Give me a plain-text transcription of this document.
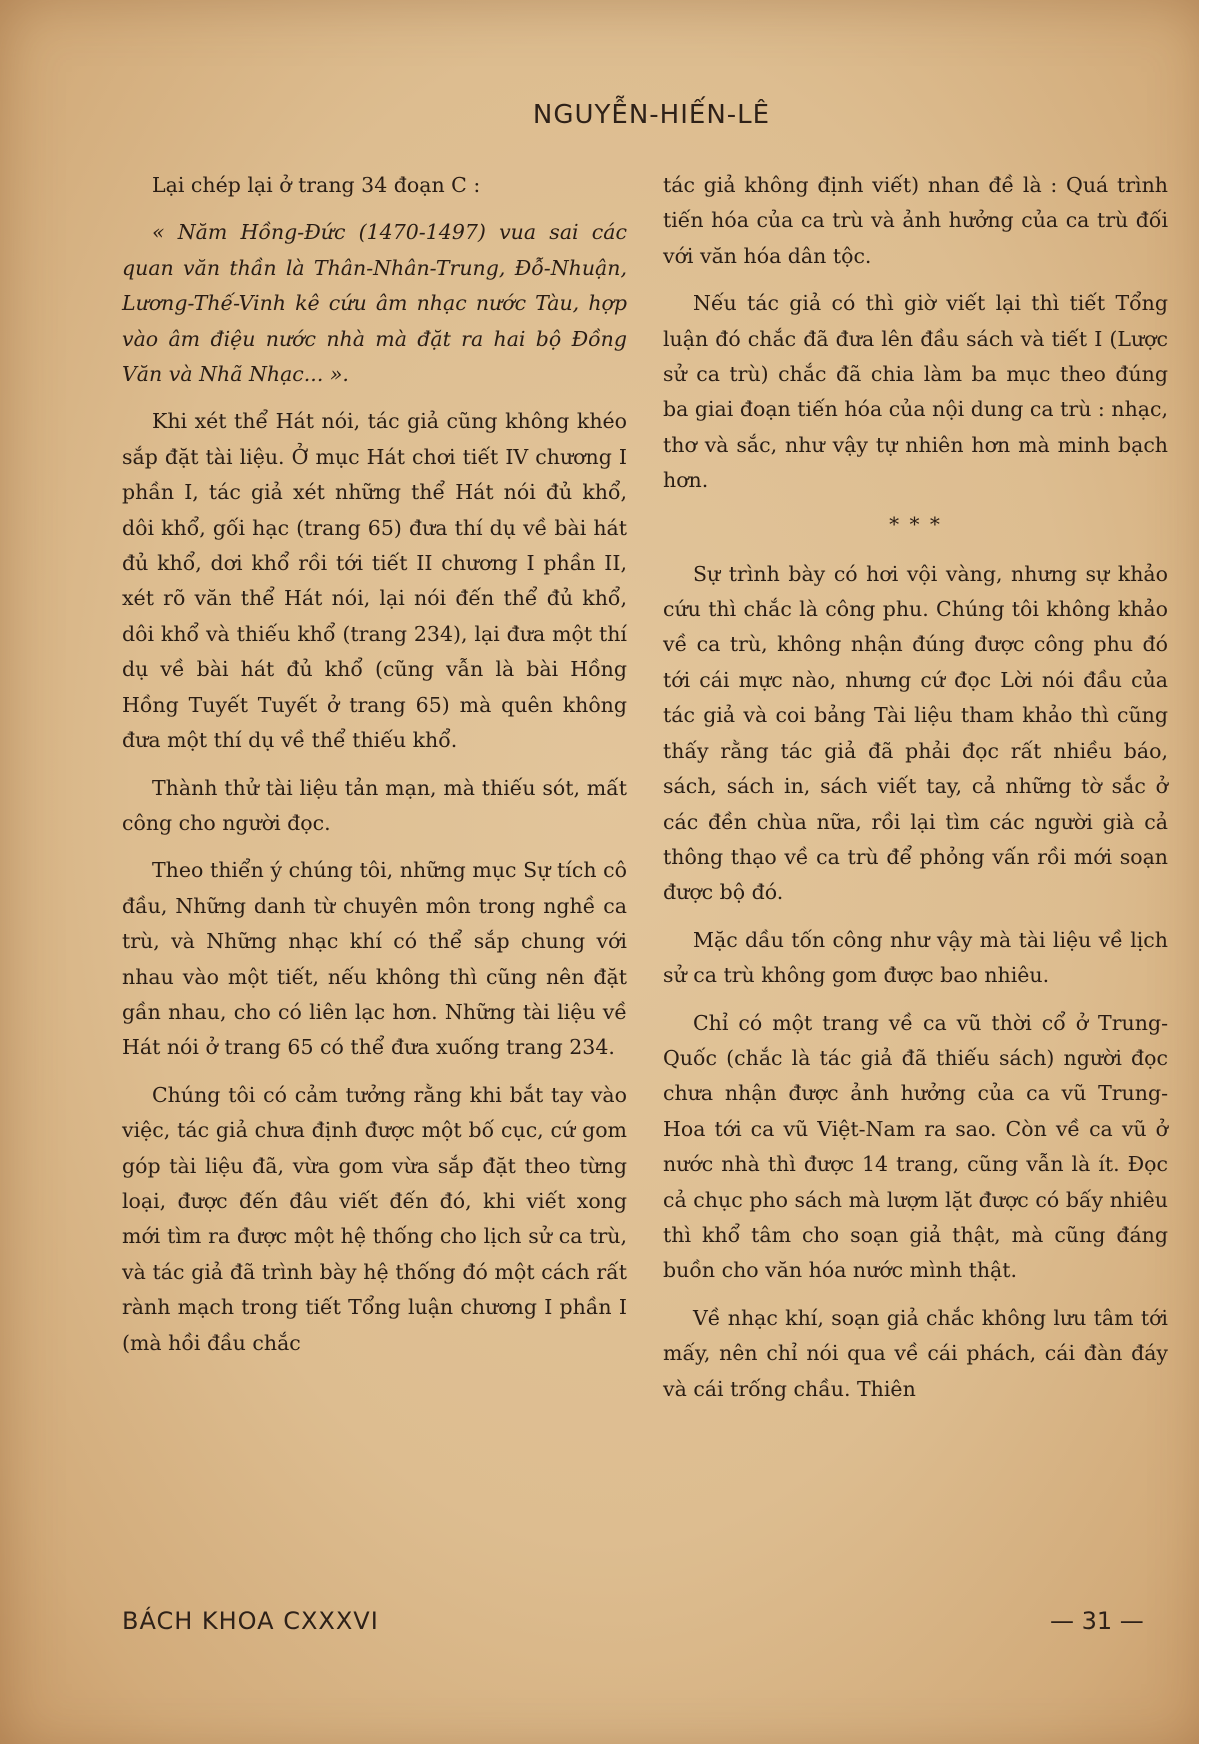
NGUYỄN-HIẾN-LÊ

Lại chép lại ở trang 34 đoạn C :

« Năm Hồng-Đức (1470-1497) vua sai các quan văn thần là Thân-Nhân-Trung, Đỗ-Nhuận, Lương-Thế-Vinh kê cứu âm nhạc nước Tàu, hợp vào âm điệu nước nhà mà đặt ra hai bộ Đồng Văn và Nhã Nhạc... ».

Khi xét thể Hát nói, tác giả cũng không khéo sắp đặt tài liệu. Ở mục Hát chơi tiết IV chương I phần I, tác giả xét những thể Hát nói đủ khổ, dôi khổ, gối hạc (trang 65) đưa thí dụ về bài hát đủ khổ, dơi khổ rồi tới tiết II chương I phần II, xét rõ văn thể Hát nói, lại nói đến thể đủ khổ, dôi khổ và thiếu khổ (trang 234), lại đưa một thí dụ về bài hát đủ khổ (cũng vẫn là bài Hồng Hồng Tuyết Tuyết ở trang 65) mà quên không đưa một thí dụ về thể thiếu khổ.

Thành thử tài liệu tản mạn, mà thiếu sót, mất công cho người đọc.

Theo thiển ý chúng tôi, những mục Sự tích cô đầu, Những danh từ chuyên môn trong nghề ca trù, và Những nhạc khí có thể sắp chung với nhau vào một tiết, nếu không thì cũng nên đặt gần nhau, cho có liên lạc hơn. Những tài liệu về Hát nói ở trang 65 có thể đưa xuống trang 234.

Chúng tôi có cảm tưởng rằng khi bắt tay vào việc, tác giả chưa định được một bố cục, cứ gom góp tài liệu đã, vừa gom vừa sắp đặt theo từng loại, được đến đâu viết đến đó, khi viết xong mới tìm ra được một hệ thống cho lịch sử ca trù, và tác giả đã trình bày hệ thống đó một cách rất rành mạch trong tiết Tổng luận chương I phần I (mà hồi đầu chắc

tác giả không định viết) nhan đề là : Quá trình tiến hóa của ca trù và ảnh hưởng của ca trù đối với văn hóa dân tộc.

Nếu tác giả có thì giờ viết lại thì tiết Tổng luận đó chắc đã đưa lên đầu sách và tiết I (Lược sử ca trù) chắc đã chia làm ba mục theo đúng ba giai đoạn tiến hóa của nội dung ca trù : nhạc, thơ và sắc, như vậy tự nhiên hơn mà minh bạch hơn.

* * *

Sự trình bày có hơi vội vàng, nhưng sự khảo cứu thì chắc là công phu. Chúng tôi không khảo về ca trù, không nhận đúng được công phu đó tới cái mực nào, nhưng cứ đọc Lời nói đầu của tác giả và coi bảng Tài liệu tham khảo thì cũng thấy rằng tác giả đã phải đọc rất nhiều báo, sách, sách in, sách viết tay, cả những tờ sắc ở các đền chùa nữa, rồi lại tìm các người già cả thông thạo về ca trù để phỏng vấn rồi mới soạn được bộ đó.

Mặc dầu tốn công như vậy mà tài liệu về lịch sử ca trù không gom được bao nhiêu.

Chỉ có một trang về ca vũ thời cổ ở Trung-Quốc (chắc là tác giả đã thiếu sách) người đọc chưa nhận được ảnh hưởng của ca vũ Trung-Hoa tới ca vũ Việt-Nam ra sao. Còn về ca vũ ở nước nhà thì được 14 trang, cũng vẫn là ít. Đọc cả chục pho sách mà lượm lặt được có bấy nhiêu thì khổ tâm cho soạn giả thật, mà cũng đáng buồn cho văn hóa nước mình thật.

Về nhạc khí, soạn giả chắc không lưu tâm tới mấy, nên chỉ nói qua về cái phách, cái đàn đáy và cái trống chầu. Thiên

BÁCH KHOA CXXXVI	— 31 —
